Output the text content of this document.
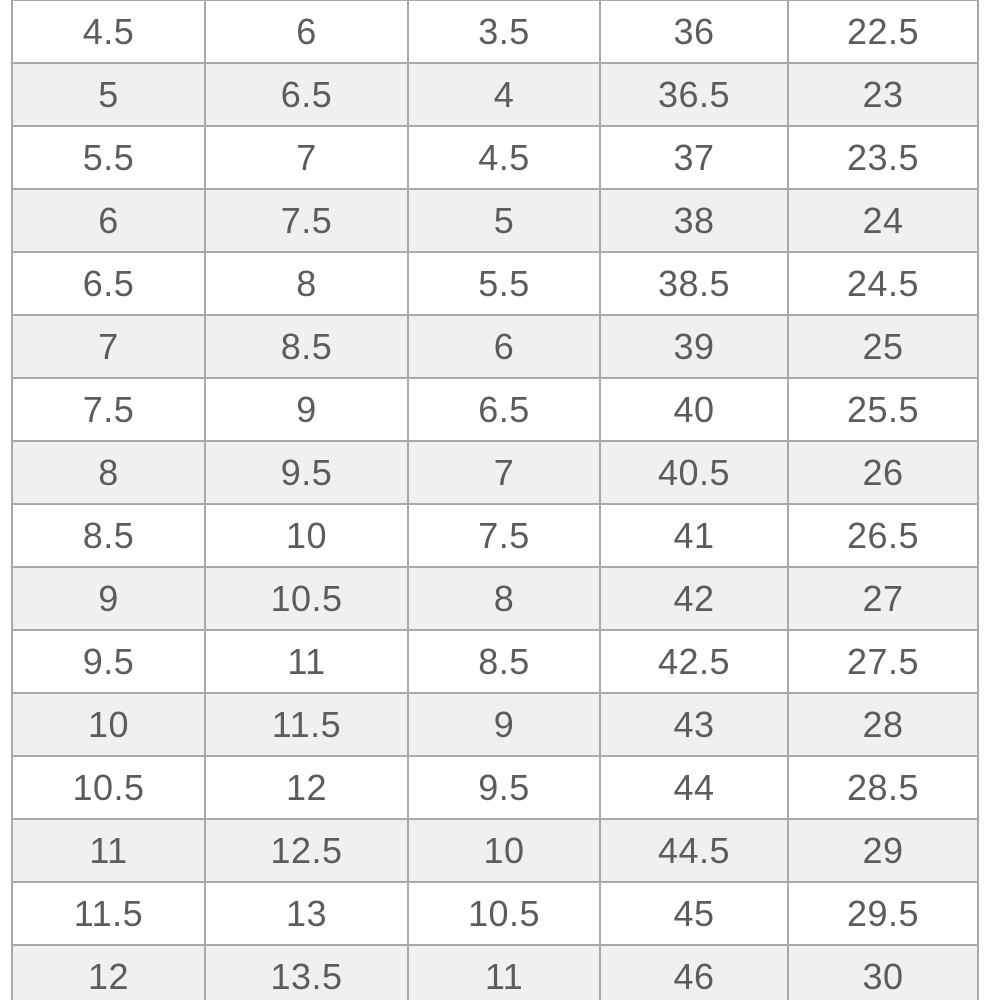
4.5	6	3.5	36	22.5
5	6.5	4	36.5	23
5.5	7	4.5	37	23.5
6	7.5	5	38	24
6.5	8	5.5	38.5	24.5
7	8.5	6	39	25
7.5	9	6.5	40	25.5
8	9.5	7	40.5	26
8.5	10	7.5	41	26.5
9	10.5	8	42	27
9.5	11	8.5	42.5	27.5
10	11.5	9	43	28
10.5	12	9.5	44	28.5
11	12.5	10	44.5	29
11.5	13	10.5	45	29.5
12	13.5	11	46	30
